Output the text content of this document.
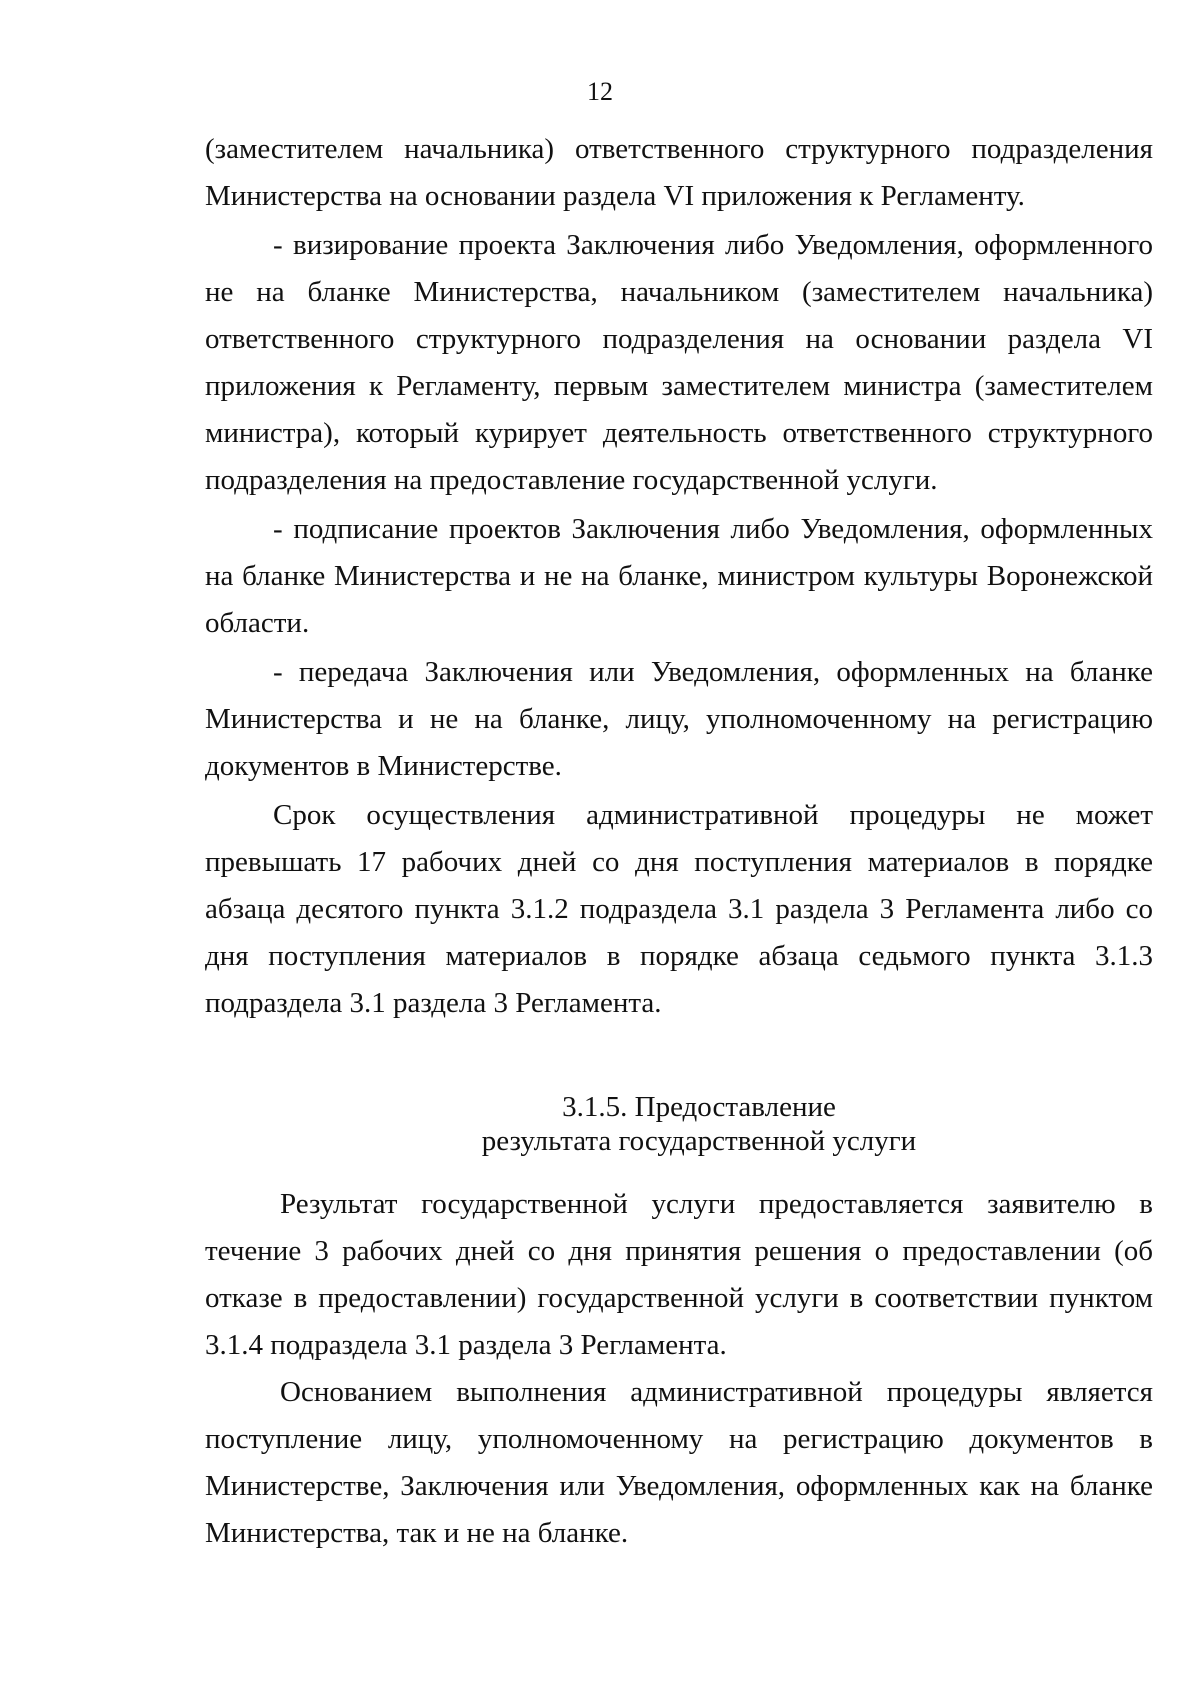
12

(заместителем начальника) ответственного структурного подразделения Министерства на основании раздела VI приложения к Регламенту.

- визирование проекта Заключения либо Уведомления, оформленного не на бланке Министерства, начальником (заместителем начальника) ответственного структурного подразделения на основании раздела VI приложения к Регламенту, первым заместителем министра (заместителем министра), который курирует деятельность ответственного структурного подразделения на предоставление государственной услуги.

- подписание проектов Заключения либо Уведомления, оформленных на бланке Министерства и не на бланке, министром культуры Воронежской области.

- передача Заключения или Уведомления, оформленных на бланке Министерства и не на бланке, лицу, уполномоченному на регистрацию документов в Министерстве.

Срок осуществления административной процедуры не может превышать 17 рабочих дней со дня поступления материалов в порядке абзаца десятого пункта 3.1.2 подраздела 3.1 раздела 3 Регламента либо со дня поступления материалов в порядке абзаца седьмого пункта 3.1.3 подраздела 3.1 раздела 3 Регламента.

3.1.5. Предоставление

результата государственной услуги

Результат государственной услуги предоставляется заявителю в течение 3 рабочих дней со дня принятия решения о предоставлении (об отказе в предоставлении) государственной услуги в соответствии пунктом 3.1.4 подраздела 3.1 раздела 3 Регламента.

Основанием выполнения административной процедуры является поступление лицу, уполномоченному на регистрацию документов в Министерстве, Заключения или Уведомления, оформленных как на бланке Министерства, так и не на бланке.
